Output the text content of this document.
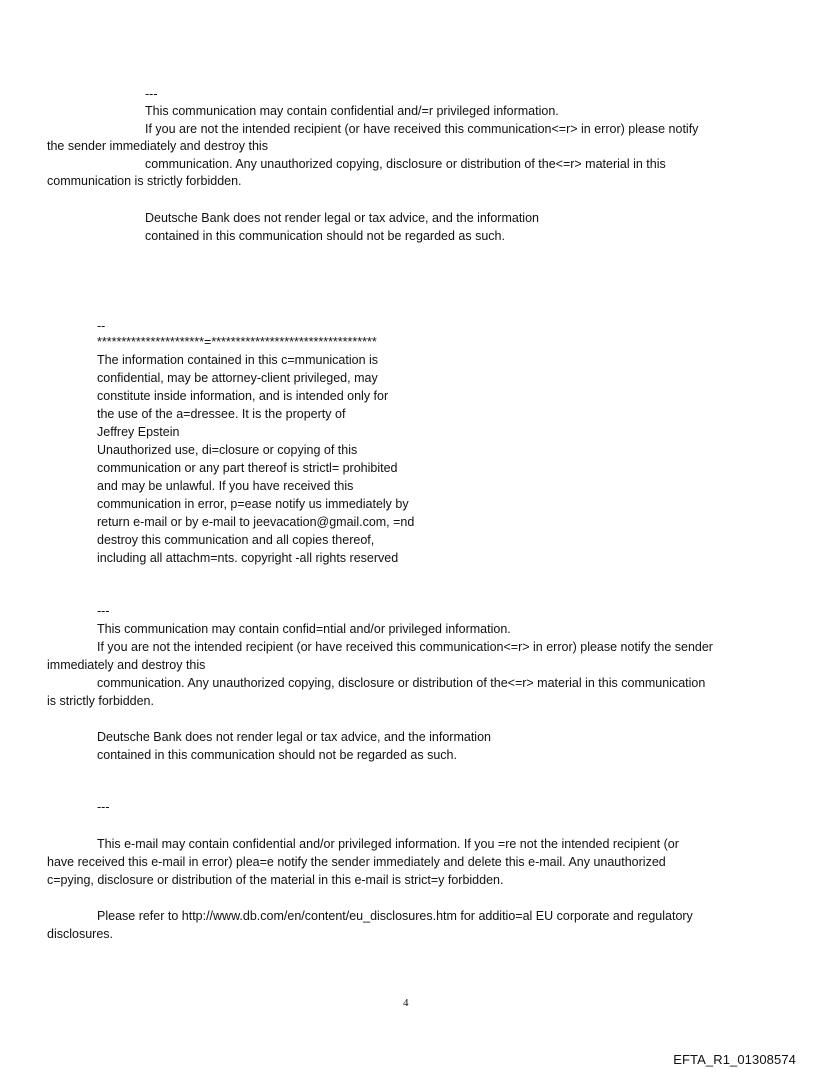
---

This communication may contain confidential and/=r privileged information.

If you are not the intended recipient (or have received this communication<=r> in error) please notify

the sender immediately and destroy this

communication. Any unauthorized copying, disclosure or distribution of the<=r> material in this

communication is strictly forbidden.

Deutsche Bank does not render legal or tax advice, and the information

contained in this communication should not be regarded as such.

--

**********************=**********************************

The information contained in this c=mmunication is

confidential, may be attorney-client privileged, may

constitute inside information, and is intended only for

the use of the a=dressee. It is the property of

Jeffrey Epstein

Unauthorized use, di=closure or copying of this

communication or any part thereof is strictl= prohibited

and may be unlawful. If you have received this

communication in error, p=ease notify us immediately by

return e-mail or by e-mail to jeevacation@gmail.com, =nd

destroy this communication and all copies thereof,

including all attachm=nts. copyright -all rights reserved

---

This communication may contain confid=ntial and/or privileged information.

If you are not the intended recipient (or have received this communication<=r> in error) please notify the sender

immediately and destroy this

communication. Any unauthorized copying, disclosure or distribution of the<=r> material in this communication

is strictly forbidden.

Deutsche Bank does not render legal or tax advice, and the information

contained in this communication should not be regarded as such.

---

This e-mail may contain confidential and/or privileged information. If you =re not the intended recipient (or

have received this e-mail in error) plea=e notify the sender immediately and delete this e-mail. Any unauthorized

c=pying, disclosure or distribution of the material in this e-mail is strict=y forbidden.

Please refer to http://www.db.com/en/content/eu_disclosures.htm for additio=al EU corporate and regulatory

disclosures.

4
EFTA_R1_01308574
